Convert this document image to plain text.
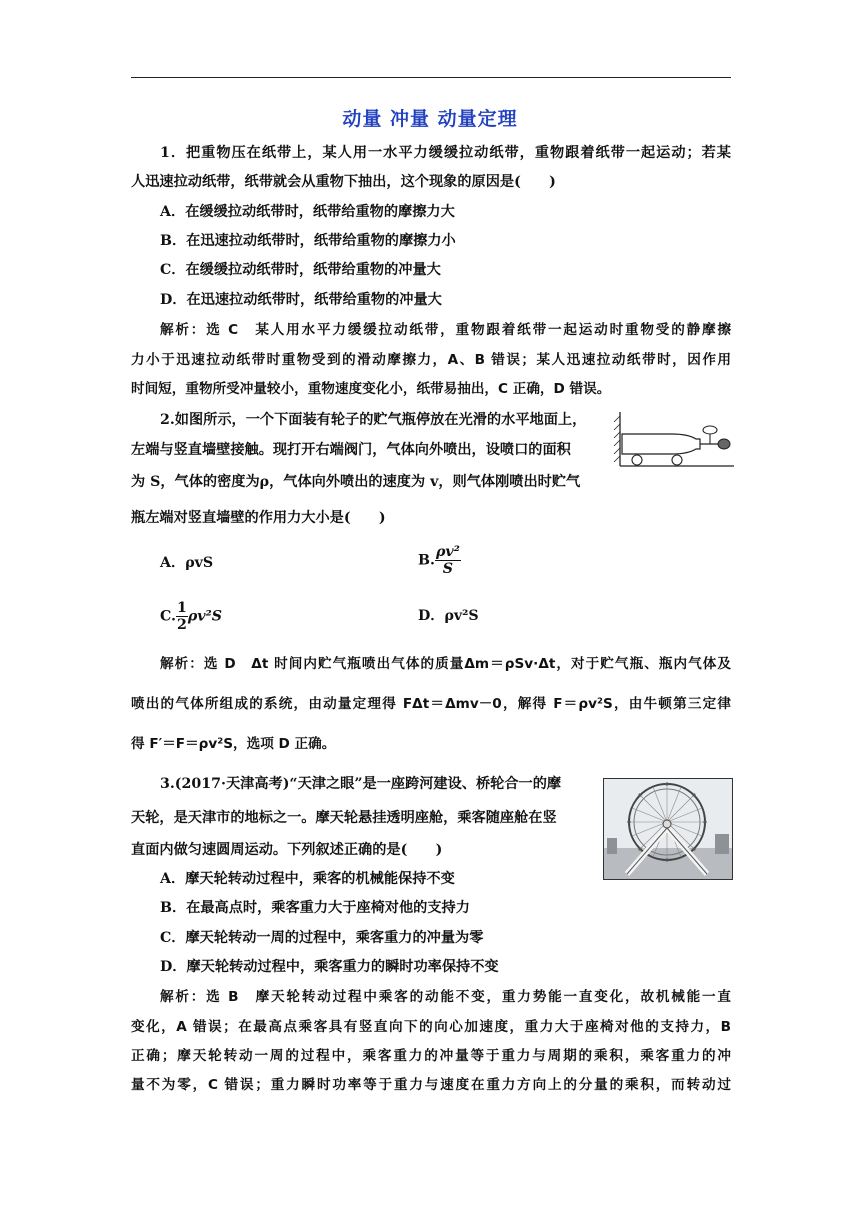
动量 冲量 动量定理
1．把重物压在纸带上，某人用一水平力缓缓拉动纸带，重物跟着纸带一起运动；若某
人迅速拉动纸带，纸带就会从重物下抽出，这个现象的原因是(　　)
A．在缓缓拉动纸带时，纸带给重物的摩擦力大
B．在迅速拉动纸带时，纸带给重物的摩擦力小
C．在缓缓拉动纸带时，纸带给重物的冲量大
D．在迅速拉动纸带时，纸带给重物的冲量大
解析：选 C　某人用水平力缓缓拉动纸带，重物跟着纸带一起运动时重物受的静摩擦
力小于迅速拉动纸带时重物受到的滑动摩擦力，A、B 错误；某人迅速拉动纸带时，因作用
时间短，重物所受冲量较小，重物速度变化小，纸带易抽出，C 正确，D 错误。
2.如图所示，一个下面装有轮子的贮气瓶停放在光滑的水平地面上，
左端与竖直墙壁接触。现打开右端阀门，气体向外喷出，设喷口的面积
为 S，气体的密度为ρ，气体向外喷出的速度为 v，则气体刚喷出时贮气
瓶左端对竖直墙壁的作用力大小是(　　)
A．ρvS	B. $\frac{\text{ρv²}}{S}$
C. $\frac{1}{2} \rho v^2S$	D．ρv²S
解析：选 D　Δt 时间内贮气瓶喷出气体的质量Δm＝ρSv·Δt，对于贮气瓶、瓶内气体及
喷出的气体所组成的系统，由动量定理得 FΔt＝Δmv－0，解得 F＝ρv²S，由牛顿第三定律
得 F′＝F＝ρv²S，选项 D 正确。
3.(2017·天津高考)“天津之眼”是一座跨河建设、桥轮合一的摩
天轮，是天津市的地标之一。摩天轮悬挂透明座舱，乘客随座舱在竖
直面内做匀速圆周运动。下列叙述正确的是(　　)
A．摩天轮转动过程中，乘客的机械能保持不变
B．在最高点时，乘客重力大于座椅对他的支持力
C．摩天轮转动一周的过程中，乘客重力的冲量为零
D．摩天轮转动过程中，乘客重力的瞬时功率保持不变
解析：选 B　摩天轮转动过程中乘客的动能不变，重力势能一直变化，故机械能一直
变化，A 错误；在最高点乘客具有竖直向下的向心加速度，重力大于座椅对他的支持力，B
正确；摩天轮转动一周的过程中，乘客重力的冲量等于重力与周期的乘积，乘客重力的冲
量不为零，C 错误；重力瞬时功率等于重力与速度在重力方向上的分量的乘积，而转动过
